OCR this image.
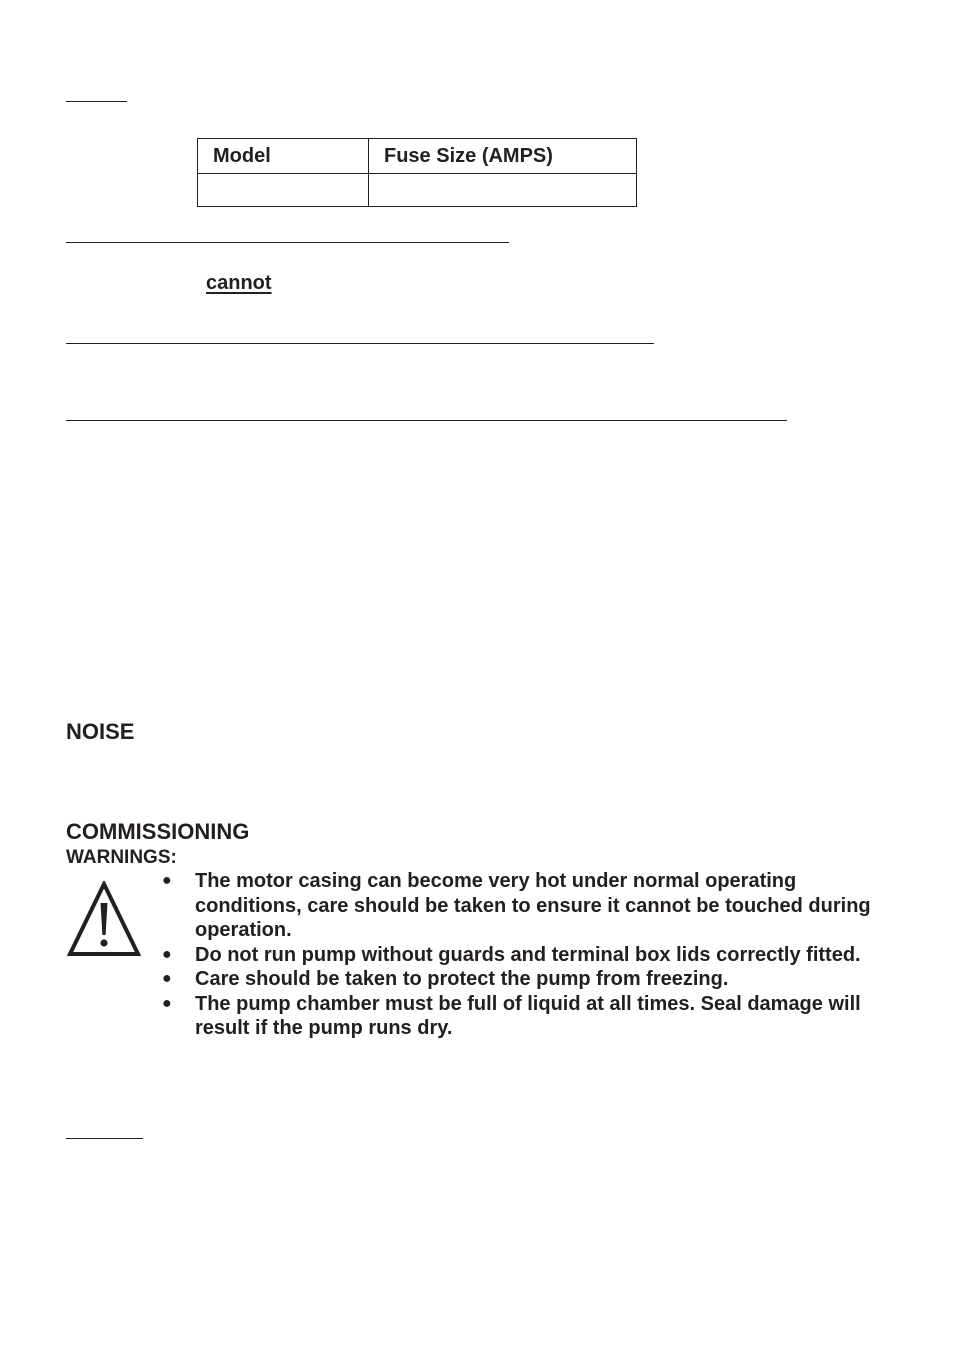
Model	Fuse Size (AMPS)

cannot
NOISE
COMMISSIONING
WARNINGS:
● The motor casing can become very hot under normal operating conditions, care should be taken to ensure it cannot be touched during operation.
● Do not run pump without guards and terminal box lids correctly fitted.
● Care should be taken to protect the pump from freezing.
● The pump chamber must be full of liquid at all times. Seal damage will result if the pump runs dry.
